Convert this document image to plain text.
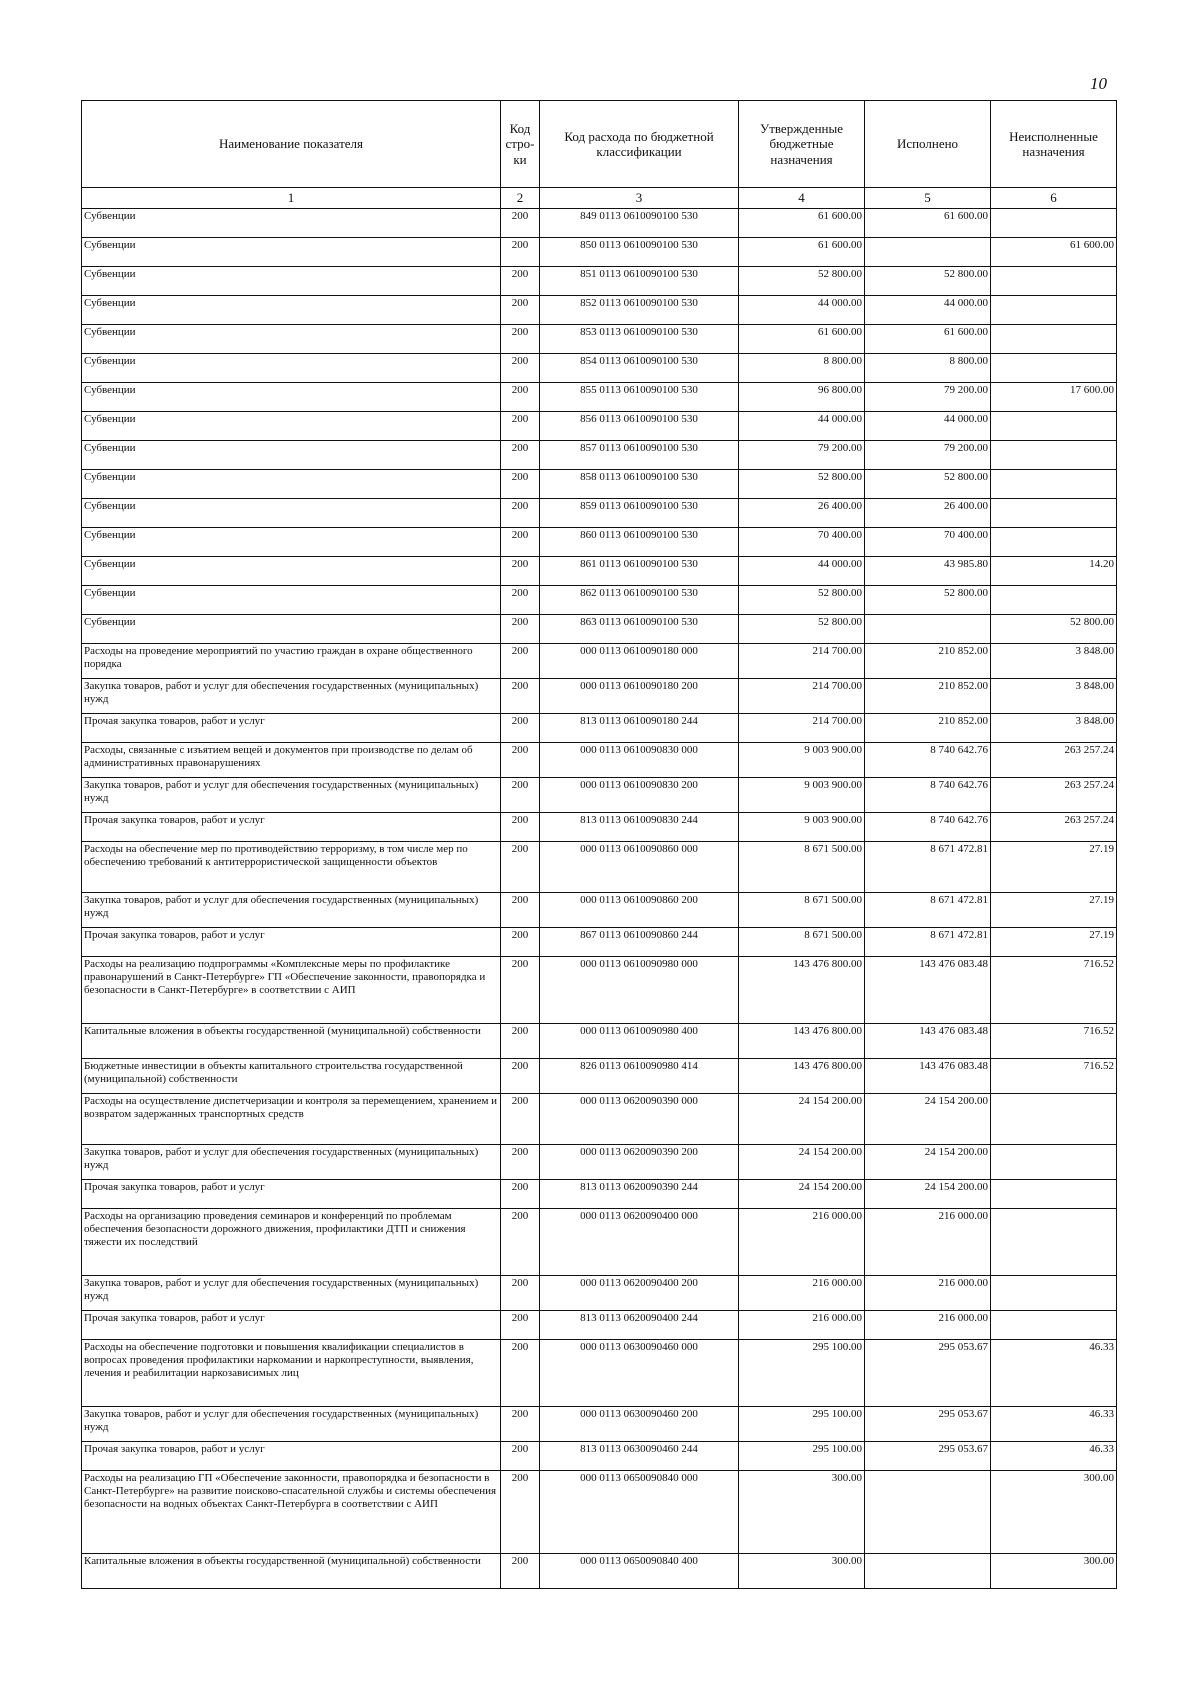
10
Наименование показателя	Код стро-ки	Код расхода по бюджетной классификации	Утвержденные бюджетные назначения	Исполнено	Неисполненные назначения
1	2	3	4	5	6
Субвенции	200	849 0113 0610090100 530	61 600.00	61 600.00	
Субвенции	200	850 0113 0610090100 530	61 600.00		61 600.00
Субвенции	200	851 0113 0610090100 530	52 800.00	52 800.00	
Субвенции	200	852 0113 0610090100 530	44 000.00	44 000.00	
Субвенции	200	853 0113 0610090100 530	61 600.00	61 600.00	
Субвенции	200	854 0113 0610090100 530	8 800.00	8 800.00	
Субвенции	200	855 0113 0610090100 530	96 800.00	79 200.00	17 600.00
Субвенции	200	856 0113 0610090100 530	44 000.00	44 000.00	
Субвенции	200	857 0113 0610090100 530	79 200.00	79 200.00	
Субвенции	200	858 0113 0610090100 530	52 800.00	52 800.00	
Субвенции	200	859 0113 0610090100 530	26 400.00	26 400.00	
Субвенции	200	860 0113 0610090100 530	70 400.00	70 400.00	
Субвенции	200	861 0113 0610090100 530	44 000.00	43 985.80	14.20
Субвенции	200	862 0113 0610090100 530	52 800.00	52 800.00	
Субвенции	200	863 0113 0610090100 530	52 800.00		52 800.00
Расходы на проведение мероприятий по участию граждан в охране общественного порядка	200	000 0113 0610090180 000	214 700.00	210 852.00	3 848.00
Закупка товаров, работ и услуг для обеспечения государственных (муниципальных) нужд	200	000 0113 0610090180 200	214 700.00	210 852.00	3 848.00
Прочая закупка товаров, работ и услуг	200	813 0113 0610090180 244	214 700.00	210 852.00	3 848.00
Расходы, связанные с изъятием вещей и документов при производстве по делам об административных правонарушениях	200	000 0113 0610090830 000	9 003 900.00	8 740 642.76	263 257.24
Закупка товаров, работ и услуг для обеспечения государственных (муниципальных) нужд	200	000 0113 0610090830 200	9 003 900.00	8 740 642.76	263 257.24
Прочая закупка товаров, работ и услуг	200	813 0113 0610090830 244	9 003 900.00	8 740 642.76	263 257.24
Расходы на обеспечение мер по противодействию терроризму, в том числе мер по обеспечению требований к антитеррористической защищенности объектов	200	000 0113 0610090860 000	8 671 500.00	8 671 472.81	27.19
Закупка товаров, работ и услуг для обеспечения государственных (муниципальных) нужд	200	000 0113 0610090860 200	8 671 500.00	8 671 472.81	27.19
Прочая закупка товаров, работ и услуг	200	867 0113 0610090860 244	8 671 500.00	8 671 472.81	27.19
Расходы на реализацию подпрограммы «Комплексные меры по профилактике правонарушений в Санкт-Петербурге» ГП «Обеспечение законности, правопорядка и безопасности в Санкт-Петербурге» в соответствии с АИП	200	000 0113 0610090980 000	143 476 800.00	143 476 083.48	716.52
Капитальные вложения в объекты государственной (муниципальной) собственности	200	000 0113 0610090980 400	143 476 800.00	143 476 083.48	716.52
Бюджетные инвестиции в объекты капитального строительства государственной (муниципальной) собственности	200	826 0113 0610090980 414	143 476 800.00	143 476 083.48	716.52
Расходы на осуществление диспетчеризации и контроля за перемещением, хранением и возвратом задержанных транспортных средств	200	000 0113 0620090390 000	24 154 200.00	24 154 200.00	
Закупка товаров, работ и услуг для обеспечения государственных (муниципальных) нужд	200	000 0113 0620090390 200	24 154 200.00	24 154 200.00	
Прочая закупка товаров, работ и услуг	200	813 0113 0620090390 244	24 154 200.00	24 154 200.00	
Расходы на организацию проведения семинаров и конференций по проблемам обеспечения безопасности дорожного движения, профилактики ДТП и снижения тяжести их последствий	200	000 0113 0620090400 000	216 000.00	216 000.00	
Закупка товаров, работ и услуг для обеспечения государственных (муниципальных) нужд	200	000 0113 0620090400 200	216 000.00	216 000.00	
Прочая закупка товаров, работ и услуг	200	813 0113 0620090400 244	216 000.00	216 000.00	
Расходы на обеспечение подготовки и повышения квалификации специалистов в вопросах проведения профилактики наркомании и наркопреступности, выявления, лечения и реабилитации наркозависимых лиц	200	000 0113 0630090460 000	295 100.00	295 053.67	46.33
Закупка товаров, работ и услуг для обеспечения государственных (муниципальных) нужд	200	000 0113 0630090460 200	295 100.00	295 053.67	46.33
Прочая закупка товаров, работ и услуг	200	813 0113 0630090460 244	295 100.00	295 053.67	46.33
Расходы на реализацию ГП «Обеспечение законности, правопорядка и безопасности в Санкт-Петербурге» на развитие поисково-спасательной службы и системы обеспечения безопасности на водных объектах Санкт-Петербурга в соответствии с АИП	200	000 0113 0650090840 000	300.00		300.00
Капитальные вложения в объекты государственной (муниципальной) собственности	200	000 0113 0650090840 400	300.00		300.00
